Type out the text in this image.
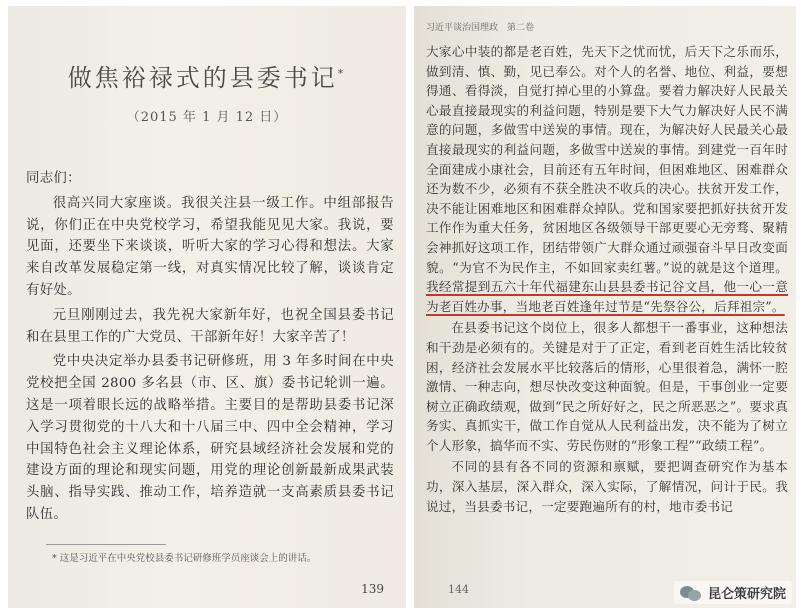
做焦裕禄式的县委书记*
（2015 年 1 月 12 日）

同志们：

很高兴同大家座谈。我很关注县一级工作。中组部报告说，你们正在中央党校学习，希望我能见见大家。我说，要见面，还要坐下来谈谈，听听大家的学习心得和想法。大家来自改革发展稳定第一线，对真实情况比较了解，谈谈肯定有好处。

元旦刚刚过去，我先祝大家新年好，也祝全国县委书记和在县里工作的广大党员、干部新年好！大家辛苦了！

党中央决定举办县委书记研修班，用 3 年多时间在中央党校把全国 2800 多名县（市、区、旗）委书记轮训一遍。这是一项着眼长远的战略举措。主要目的是帮助县委书记深入学习贯彻党的十八大和十八届三中、四中全会精神，学习中国特色社会主义理论体系，研究县域经济社会发展和党的建设方面的理论和现实问题，用党的理论创新最新成果武装头脑、指导实践、推动工作，培养造就一支高素质县委书记队伍。

* 这是习近平在中央党校县委书记研修班学员座谈会上的讲话。
139
习近平谈治国理政　第二卷

大家心中装的都是老百姓，先天下之忧而忧，后天下之乐而乐，做到清、慎、勤，见已奉公。对个人的名誉、地位、利益，要想得通、看得淡，自觉打掉心里的小算盘。要着力解决好人民最关心最直接最现实的利益问题，特别是要下大气力解决好人民不满意的问题，多做雪中送炭的事情。现在，为解决好人民最关心最直接最现实的利益问题，多做雪中送炭的事情。到建党一百年时全面建成小康社会，目前还有五年时间，但困难地区、困难群众还为数不少，必须有不获全胜决不收兵的决心。扶贫开发工作，决不能让困难地区和困难群众掉队。党和国家要把抓好扶贫开发工作作为重大任务，贫困地区各级领导干部更要心无旁骛、聚精会神抓好这项工作，团结带领广大群众通过顽强奋斗早日改变面貌。“为官不为民作主，不如回家卖红薯。”说的就是这个道理。我经常提到五六十年代福建东山县县委书记谷文昌，他一心一意为老百姓办事，当地老百姓逢年过节是“先祭谷公，后拜祖宗”。

在县委书记这个岗位上，很多人都想干一番事业，这种想法和干劲是必须有的。关键是对于了正定，看到老百姓生活比较贫困，经济社会发展水平比较落后的情形，心里很着急，满怀一腔激情、一种志向，想尽快改变这种面貌。但是，干事创业一定要树立正确政绩观，做到“民之所好好之，民之所恶恶之”。要求真务实、真抓实干，做工作自觉从人民利益出发，决不能为了树立个人形象，搞华而不实、劳民伤财的“形象工程”“政绩工程”。

不同的县有各不同的资源和禀赋，要把调查研究作为基本功，深入基层，深入群众，深入实际，了解情况，问计于民。我说过，当县委书记，一定要跑遍所有的村，地市委书记

144	昆仑策研究院
